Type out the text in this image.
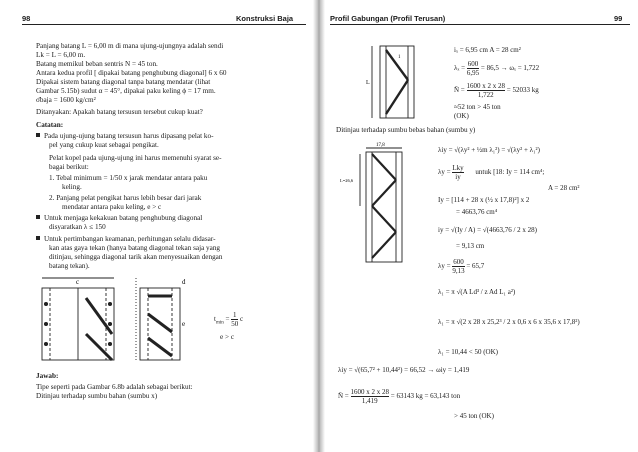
98	Konstruksi Baja
Panjang batang L = 6,00 m di mana ujung-ujungnya adalah sendi
Lk = L = 6,00 m.
Batang memikul beban sentris N = 45 ton.
Antara kedua profil [ dipakai batang penghubung diagonal] 6 x 60
Dipakai sistem batang diagonal tanpa batang mendatar (lihat
Gambar 5.15b) sudut α = 45°, dipakai paku keling ϕ = 17 mm.
σ̄baja = 1600 kg/cm²
Ditanyakan: Apakah batang tersusun tersebut cukup kuat?
Catatan:
Pada ujung-ujung batang tersusun harus dipasang pelat ko-
pel yang cukup kuat sebagai pengikat.
Pelat kopel pada ujung-ujung ini harus memenuhi syarat se-
bagai berikut:
1. Tebal minimum = 1/50 x jarak mendatar antara paku
keling.
2. Panjang pelat pengikat harus lebih besar dari jarak
mendatar antara paku keling, e > c
Untuk menjaga kekakuan batang penghubung diagonal
disyaratkan λ ≤ 150
Untuk pertimbangan keamanan, perhitungan selalu didasar-
kan atas gaya tekan (hanya batang diagonal tekan saja yang
ditinjau, sehingga diagonal tarik akan menyesuaikan dengan
batang tekan).
c	d
e
$t_{min} = \frac{1}{50}$ c
e > c
Jawab:
Tipe seperti pada Gambar 6.8b adalah sebagai berikut:
Ditinjau terhadap sumbu bahan (sumbu x)
Profil Gabungan (Profil Terusan)	99
L
1
iₓ = 6,95 cm A = 28 cm²
$\lambda_x = \frac{600}{6,95} = 86,5 \to \omega_x = 1,722$
N̄ = $\frac{1600 x 2 x 28}{1,722} = 52033$ kg
≈52 ton > 45 ton
(OK)
Ditinjau terhadap sumbu bebas bahan (sumbu y)
17,8
L=26,6
λiy = √(λy² + ½m λ₁²) = √(λy² + λ₁²)
λy =
Lky
iy
untuk [18: Iy = 114 cm⁴;
A = 28 cm²
Iy = [114 + 28 x (½ x 17,8)²] x 2
= 4663,76 cm⁴
iy = √(Iy / A) = √(4663,76 / 2 x 28)
= 9,13 cm
$\lambda y = \frac{600}{9,13} = 65,7$
λ₁ = π √(A Ld³ / z Ad L₁ a²)
λ₁ = π √(2 x 28 x 25,2³ / 2 x 0,6 x 6 x 35,6 x 17,8²)
λ₁ = 10,44 < 50 (OK)
λiy = √(65,7² + 10,44²) = 66,52 → ωiy = 1,419
N̄ = $\frac{1600 x 2 x 28}{1,419} = 63143$ kg = 63,143 ton
> 45 ton (OK)
